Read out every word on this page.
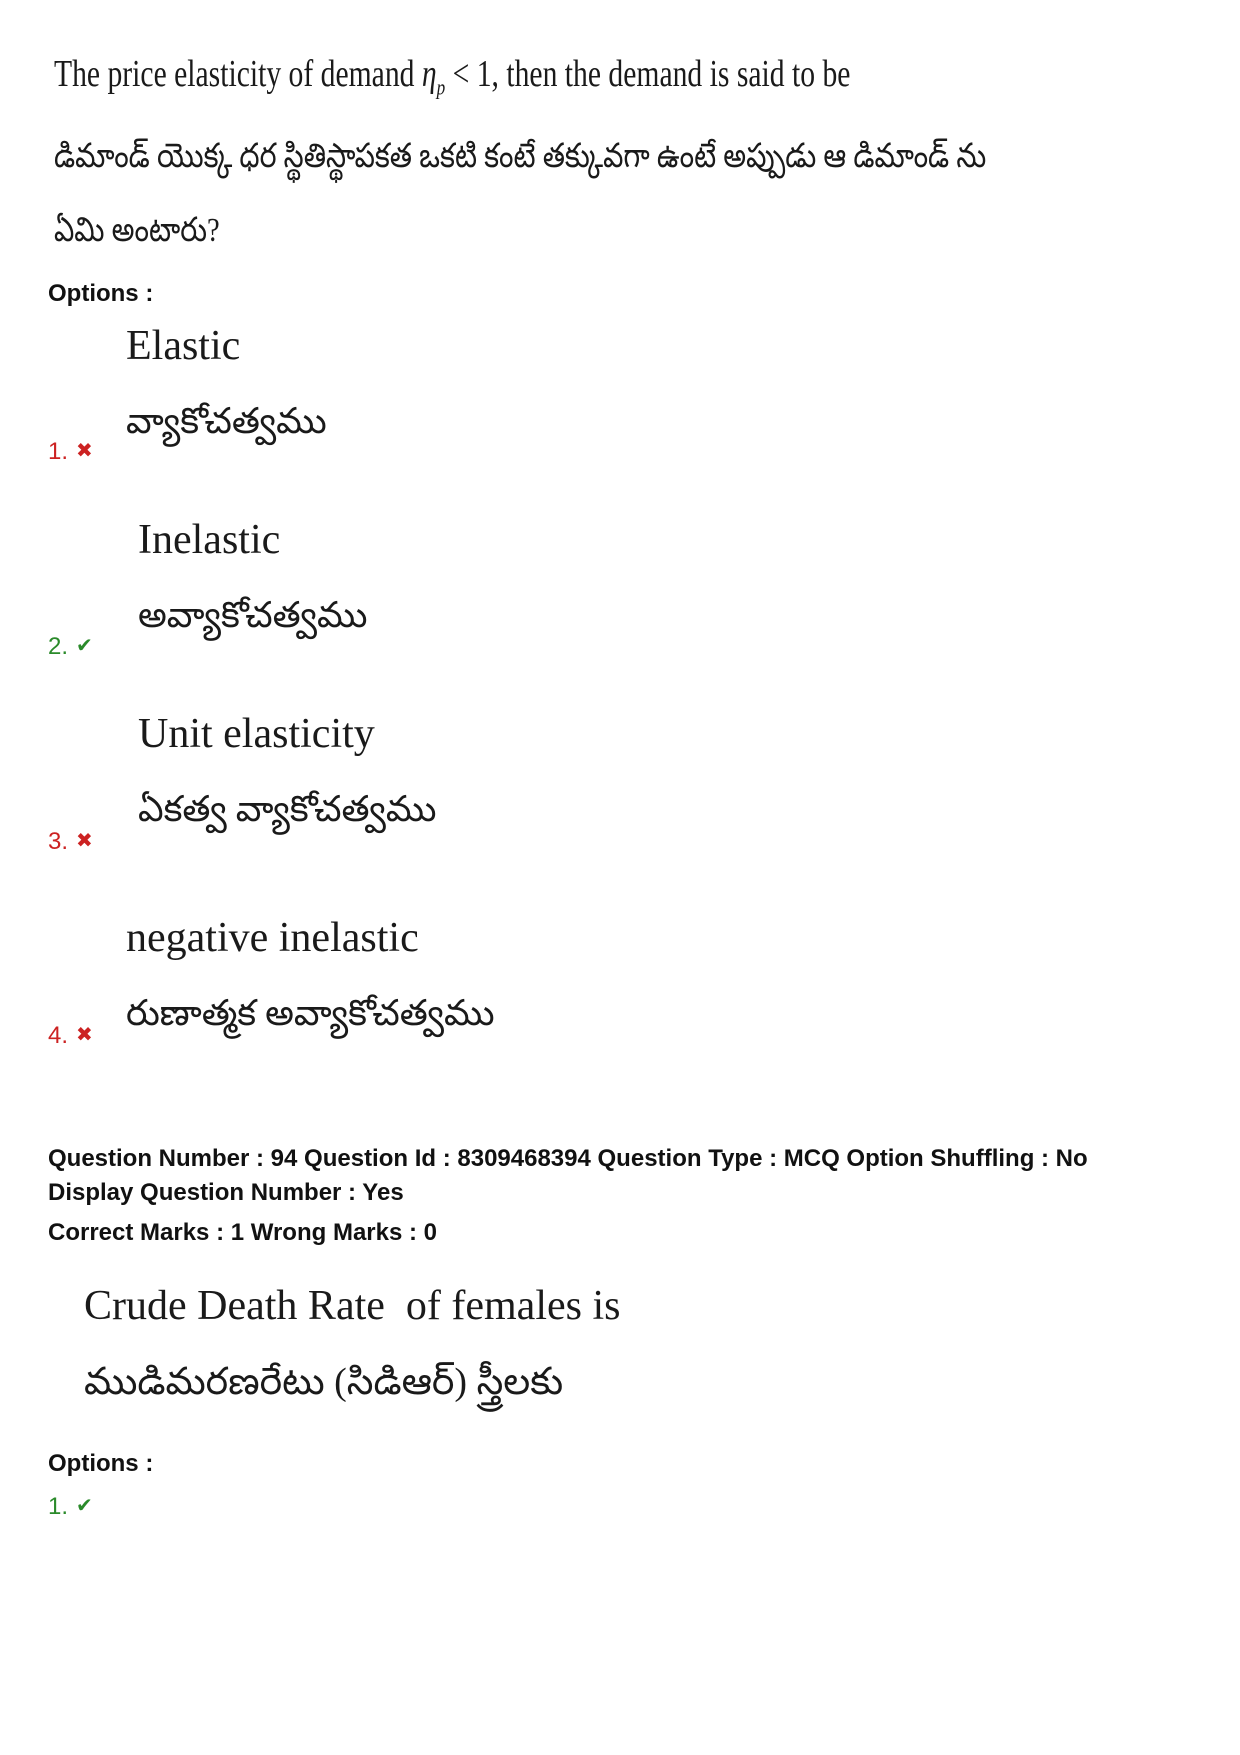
The price elasticity of demand $\eta_p < 1$, then the demand is said to be
డిమాండ్ యొక్క ధర స్థితిస్థాపకత ఒకటి కంటే తక్కువగా ఉంటే అప్పుడు ఆ డిమాండ్ ను
ఏమి అంటారు?
Options :
Elastic
వ్యాకోచత్వము
1. ✖
Inelastic
అవ్యాకోచత్వము
2. ✔
Unit elasticity
ఏకత్వ వ్యాకోచత్వము
3. ✖
negative inelastic
రుణాత్మక అవ్యాకోచత్వము
4. ✖
Question Number : 94 Question Id : 8309468394 Question Type : MCQ Option Shuffling : No
Display Question Number : Yes
Correct Marks : 1 Wrong Marks : 0
Crude Death Rate  of females is
ముడిమరణరేటు (సిడిఆర్) స్త్రీలకు
Options :
1. ✔
